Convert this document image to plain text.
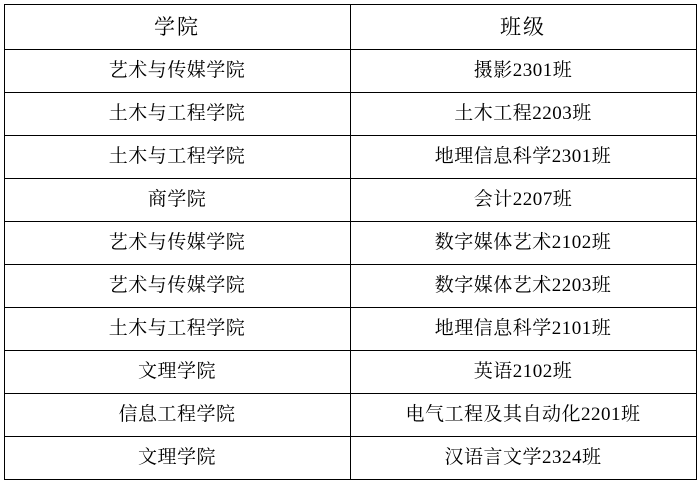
学院	班级
艺术与传媒学院	摄影2301班
土木与工程学院	土木工程2203班
土木与工程学院	地理信息科学2301班
商学院	会计2207班
艺术与传媒学院	数字媒体艺术2102班
艺术与传媒学院	数字媒体艺术2203班
土木与工程学院	地理信息科学2101班
文理学院	英语2102班
信息工程学院	电气工程及其自动化2201班
文理学院	汉语言文学2324班
